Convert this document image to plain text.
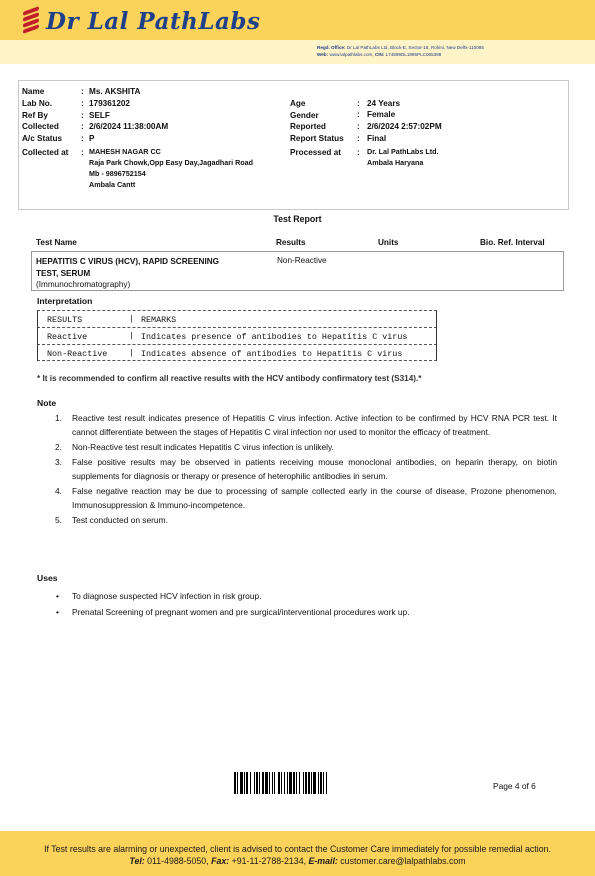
Dr Lal PathLabs
Regd. Office: Dr Lal PathLabs Ltd, Block-E, Sector-18, Rohini, New Delhi-110085
Web: www.lalpathlabs.com, CIN: L74899DL1995PLC065388
Name	: Ms. AKSHITA
Lab No.	: 179361202
Ref By	: SELF
Collected	: 2/6/2024 11:38:00AM
A/c Status : P
Collected at : MAHESH NAGAR CC
Raja Park Chowk,Opp Easy Day,Jagadhari Road
Mb - 9896752154
Ambala Cantt
Age	: 24 Years
Gender	: Female
Reported	: 2/6/2024 2:57:02PM
Report Status : Final
Processed at : Dr. Lal PathLabs Ltd.
Ambala Haryana
Test Report
Test Name	Results	Units	Bio. Ref. Interval
HEPATITIS C VIRUS (HCV), RAPID SCREENING
TEST, SERUM
(Immunochromatography)
Non-Reactive
Interpretation
RESULTS	| REMARKS
Reactive	| Indicates presence of antibodies to Hepatitis C virus
Non-Reactive	| Indicates absence of antibodies to Hepatitis C virus
* It is recommended to confirm all reactive results with the HCV antibody confirmatory test (S314).*
Note
1. Reactive test result indicates presence of Hepatitis C virus infection. Active infection to be confirmed by HCV RNA PCR test. It cannot differentiate between the stages of Hepatitis C viral infection nor used to monitor the efficacy of treatment.
2. Non-Reactive test result indicates Hepatitis C virus infection is unlikely.
3. False positive results may be observed in patients receiving mouse monoclonal antibodies, on heparin therapy, on biotin supplements for diagnosis or therapy or presence of heterophilic antibodies in serum.
4. False negative reaction may be due to processing of sample collected early in the course of disease, Prozone phenomenon, Immunosuppression & Immuno-incompetence.
5. Test conducted on serum.
Uses
• To diagnose suspected HCV infection in risk group.
• Prenatal Screening of pregnant women and pre surgical/interventional procedures work up.
Page 4 of 6
If Test results are alarming or unexpected, client is advised to contact the Customer Care immediately for possible remedial action.
Tel: 011-4988-5050, Fax: +91-11-2788-2134, E-mail: customer.care@lalpathlabs.com
